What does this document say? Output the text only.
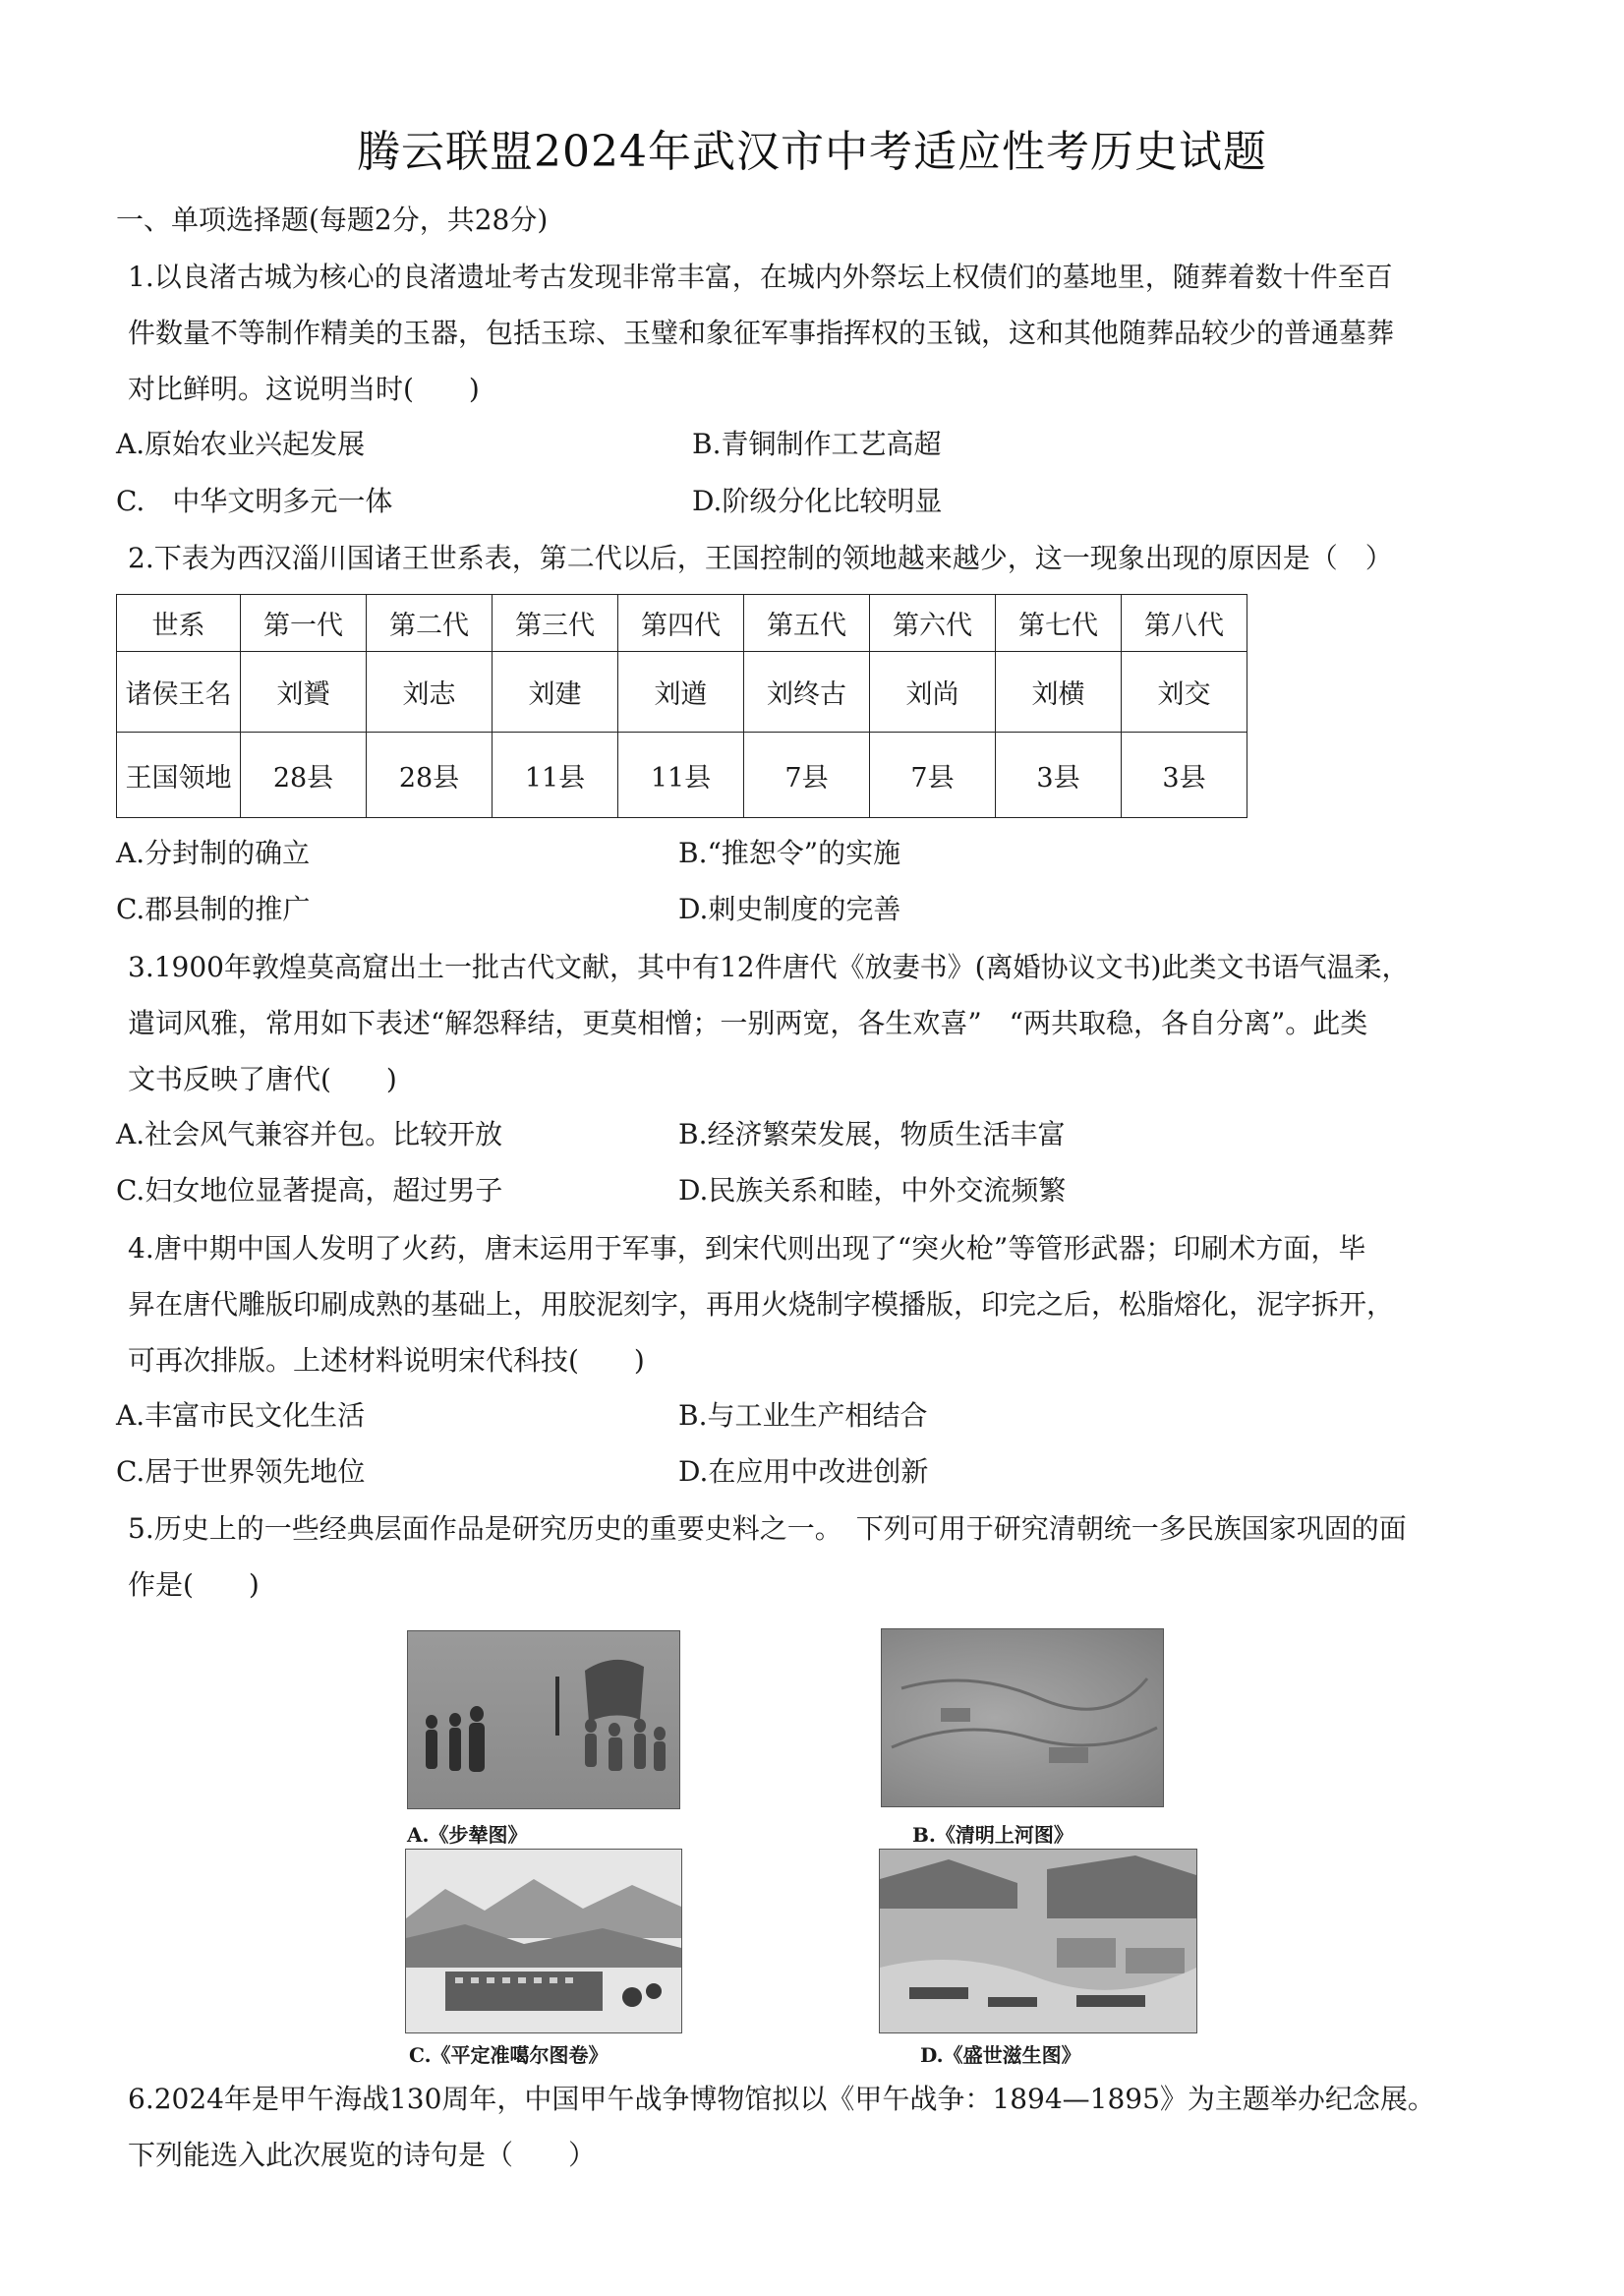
腾云联盟2024年武汉市中考适应性考历史试题
一、单项选择题(每题2分，共28分)
1.以良渚古城为核心的良渚遗址考古发现非常丰富，在城内外祭坛上权债们的墓地里，随葬着数十件至百
件数量不等制作精美的玉器，包括玉琮、玉璧和象征军事指挥权的玉钺，这和其他随葬品较少的普通墓葬
对比鲜明。这说明当时(　　)
A.原始农业兴起发展	B.青铜制作工艺高超
C.　中华文明多元一体	D.阶级分化比较明显
2.下表为西汉淄川国诸王世系表，第二代以后，王国控制的领地越来越少，这一现象出现的原因是（　）
世系	第一代	第二代	第三代	第四代	第五代	第六代	第七代	第八代
诸侯王名	刘贇	刘志	刘建	刘遒	刘终古	刘尚	刘横	刘交
王国领地	28县	28县	11县	11县	7县	7县	3县	3县
A.分封制的确立	B.“推恕令”的实施
C.郡县制的推广	D.刺史制度的完善
3.1900年敦煌莫高窟出土一批古代文献，其中有12件唐代《放妻书》(离婚协议文书)此类文书语气温柔，
遣词风雅，常用如下表述“解怨释结，更莫相憎；一别两宽，各生欢喜”　“两共取稳，各自分离”。此类
文书反映了唐代(　　)
A.社会风气兼容并包。比较开放	B.经济繁荣发展，物质生活丰富
C.妇女地位显著提高，超过男子	D.民族关系和睦，中外交流频繁
4.唐中期中国人发明了火药，唐末运用于军事，到宋代则出现了“突火枪”等管形武器；印刷术方面，毕
昇在唐代雕版印刷成熟的基础上，用胶泥刻字，再用火烧制字模播版，印完之后，松脂熔化，泥字拆开，
可再次排版。上述材料说明宋代科技(　　)
A.丰富市民文化生活	B.与工业生产相结合
C.居于世界领先地位	D.在应用中改进创新
5.历史上的一些经典层面作品是研究历史的重要史料之一。　下列可用于研究清朝统一多民族国家巩固的面
作是(　　)
A.《步辇图》	B.《清明上河图》
C.《平定准噶尔图卷》	D.《盛世滋生图》
6.2024年是甲午海战130周年，中国甲午战争博物馆拟以《甲午战争：1894—1895》为主题举办纪念展。
下列能选入此次展览的诗句是（　　）
